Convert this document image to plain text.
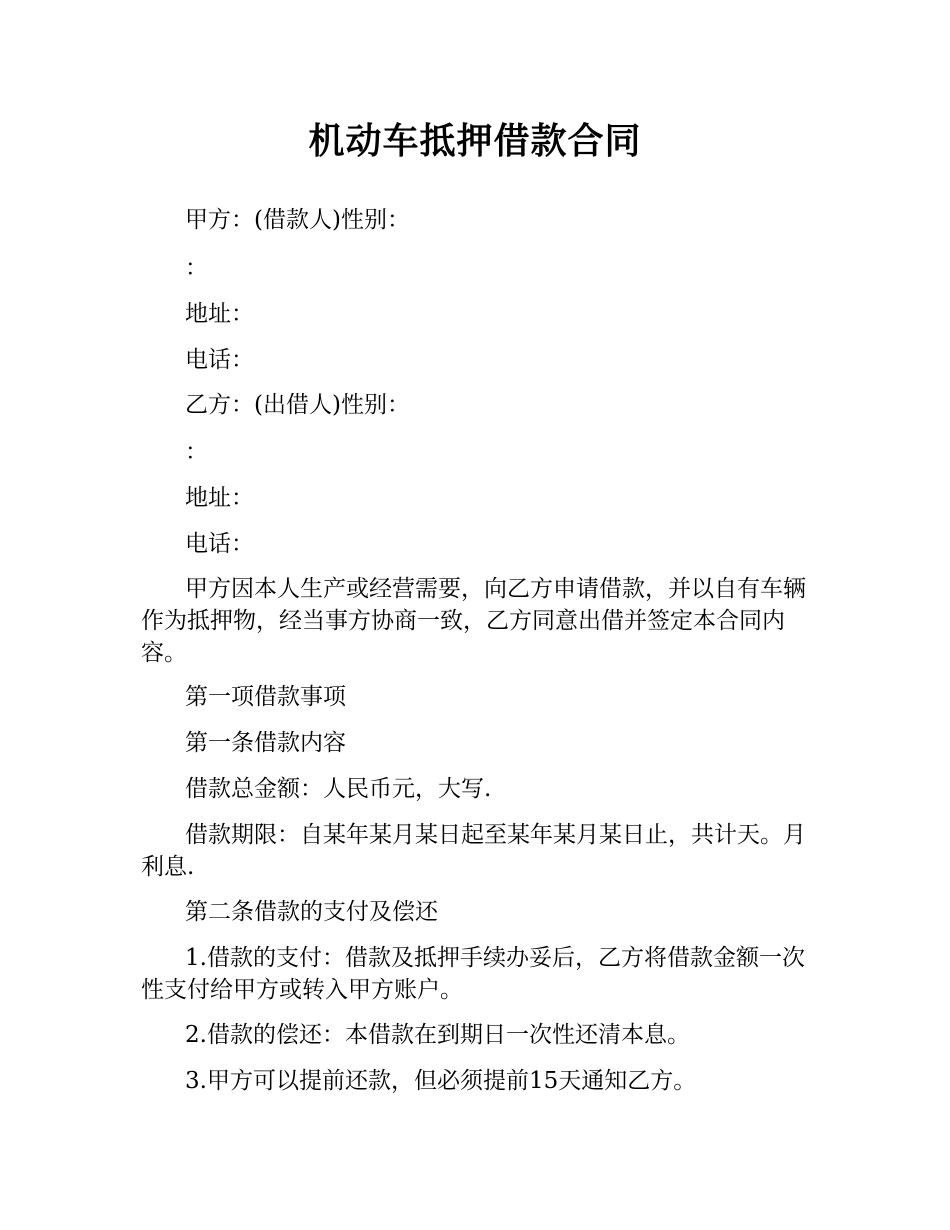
机动车抵押借款合同
甲方：(借款人)性别：
：
地址：
电话：
乙方：(出借人)性别：
：
地址：
电话：
甲方因本人生产或经营需要，向乙方申请借款，并以自有车辆作为抵押物，经当事方协商一致，乙方同意出借并签定本合同内容。
第一项借款事项
第一条借款内容
借款总金额：人民币元，大写.
借款期限：自某年某月某日起至某年某月某日止，共计天。月利息.
第二条借款的支付及偿还
1.借款的支付：借款及抵押手续办妥后，乙方将借款金额一次性支付给甲方或转入甲方账户。
2.借款的偿还：本借款在到期日一次性还清本息。
3.甲方可以提前还款，但必须提前15天通知乙方。
